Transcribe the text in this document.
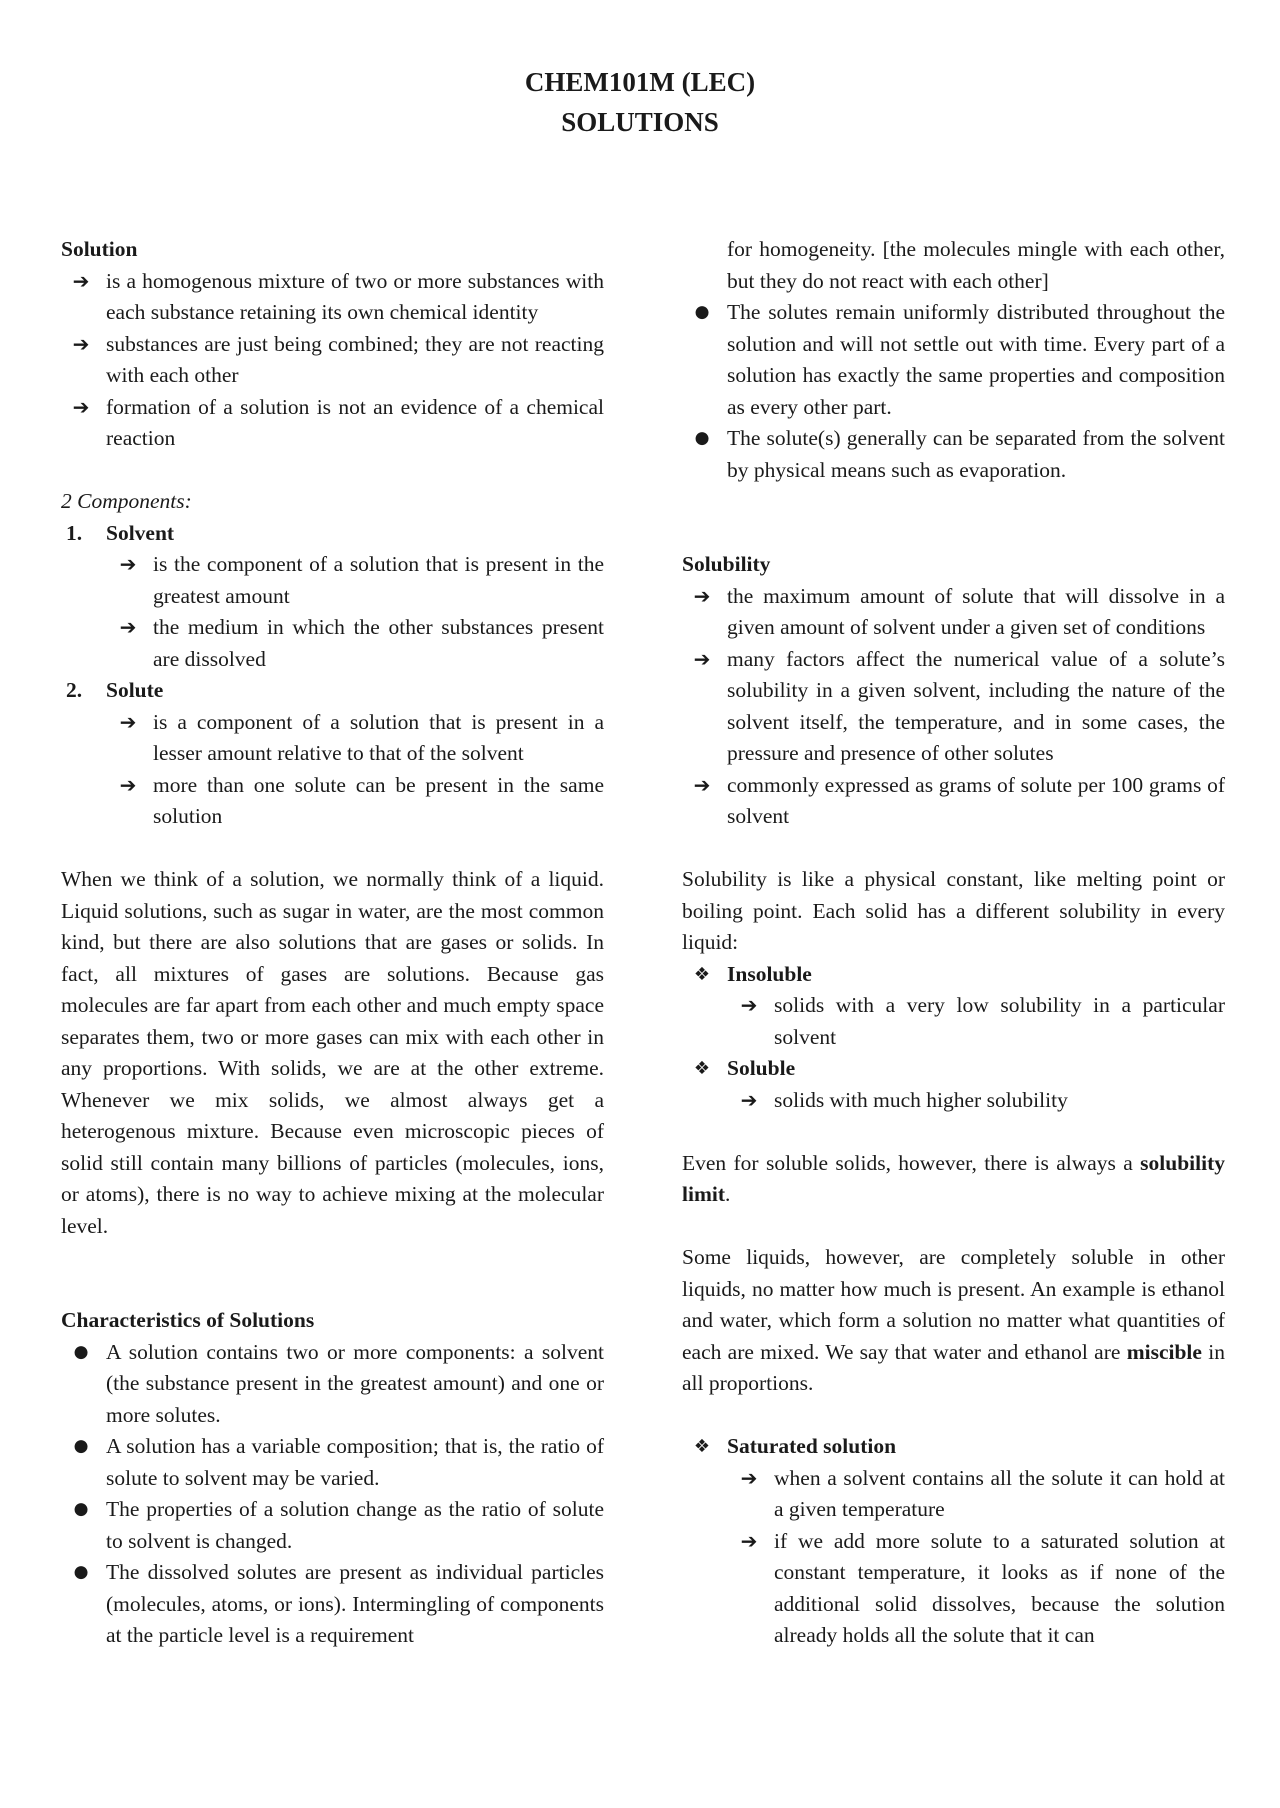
CHEM101M (LEC)
SOLUTIONS

Solution

➔ is a homogenous mixture of two or more substances with each substance retaining its own chemical identity
➔ substances are just being combined; they are not reacting with each other
➔ formation of a solution is not an evidence of a chemical reaction

2 Components:

1.	Solvent
➔ is the component of a solution that is present in the greatest amount
➔ the medium in which the other substances present are dissolved
2.	Solute
➔ is a component of a solution that is present in a lesser amount relative to that of the solvent
➔ more than one solute can be present in the same solution

When we think of a solution, we normally think of a liquid. Liquid solutions, such as sugar in water, are the most common kind, but there are also solutions that are gases or solids. In fact, all mixtures of gases are solutions. Because gas molecules are far apart from each other and much empty space separates them, two or more gases can mix with each other in any proportions. With solids, we are at the other extreme. Whenever we mix solids, we almost always get a heterogenous mixture. Because even microscopic pieces of solid still contain many billions of particles (molecules, ions, or atoms), there is no way to achieve mixing at the molecular level.

Characteristics of Solutions

● A solution contains two or more components: a solvent (the substance present in the greatest amount) and one or more solutes.
● A solution has a variable composition; that is, the ratio of solute to solvent may be varied.
● The properties of a solution change as the ratio of solute to solvent is changed.
● The dissolved solutes are present as individual particles (molecules, atoms, or ions). Intermingling of components at the particle level is a requirement
for homogeneity. [the molecules mingle with each other, but they do not react with each other]
● The solutes remain uniformly distributed throughout the solution and will not settle out with time. Every part of a solution has exactly the same properties and composition as every other part.
● The solute(s) generally can be separated from the solvent by physical means such as evaporation.

Solubility

➔ the maximum amount of solute that will dissolve in a given amount of solvent under a given set of conditions
➔ many factors affect the numerical value of a solute’s solubility in a given solvent, including the nature of the solvent itself, the temperature, and in some cases, the pressure and presence of other solutes
➔ commonly expressed as grams of solute per 100 grams of solvent

Solubility is like a physical constant, like melting point or boiling point. Each solid has a different solubility in every liquid:

❖ Insoluble
➔ solids with a very low solubility in a particular solvent
❖ Soluble
➔ solids with much higher solubility

Even for soluble solids, however, there is always a solubility limit.

Some liquids, however, are completely soluble in other liquids, no matter how much is present. An example is ethanol and water, which form a solution no matter what quantities of each are mixed. We say that water and ethanol are miscible in all proportions.

❖ Saturated solution
➔ when a solvent contains all the solute it can hold at a given temperature
➔ if we add more solute to a saturated solution at constant temperature, it looks as if none of the additional solid dissolves, because the solution already holds all the solute that it can
